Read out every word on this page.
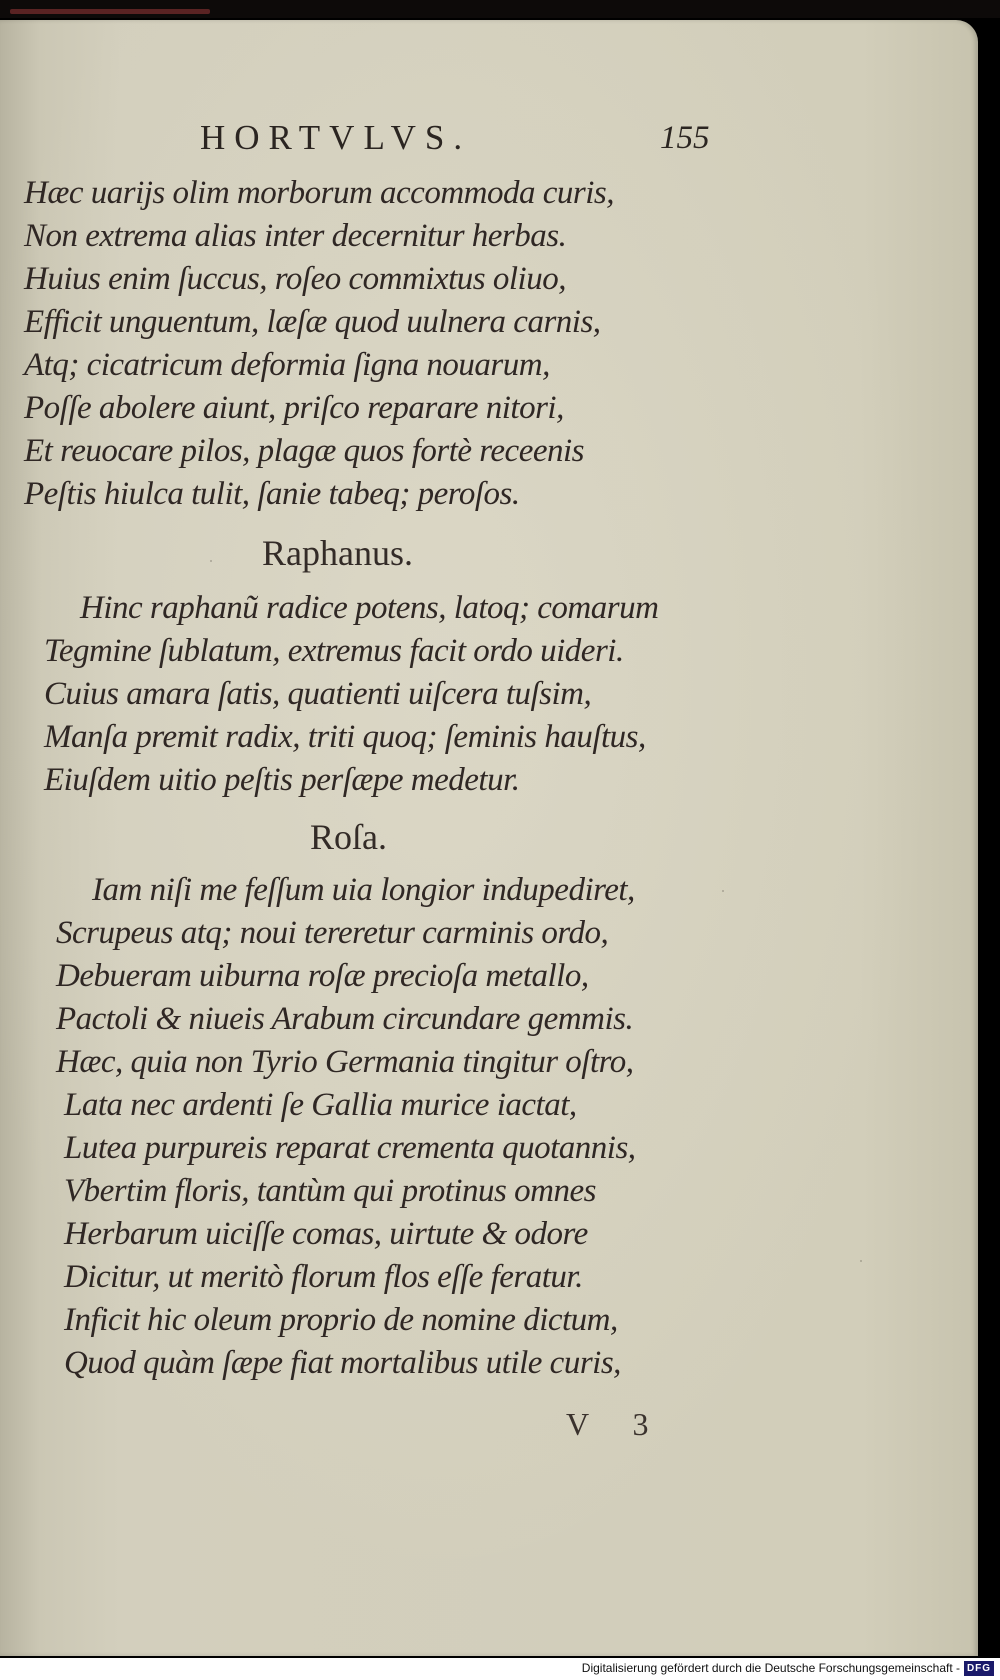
HORTVLVS.	155
Hæc uarijs olim morborum accommoda curis,
Non extrema alias inter decernitur herbas.
Huius enim ſuccus, roſeo commixtus oliuo,
Efficit unguentum, læſæ quod uulnera carnis,
Atq; cicatricum deformia ſigna nouarum,
Poſſe abolere aiunt, priſco reparare nitori,
Et reuocare pilos, plagæ quos fortè receenis
Peſtis hiulca tulit, ſanie tabeq; peroſos.
Raphanus.
Hinc raphanũ radice potens, latoq; comarum
Tegmine ſublatum, extremus facit ordo uideri.
Cuius amara ſatis, quatienti uiſcera tuſsim,
Manſa premit radix, triti quoq; ſeminis hauſtus,
Eiuſdem uitio peſtis perſæpe medetur.
Roſa.
Iam niſi me feſſum uia longior indupediret,
Scrupeus atq; noui tereretur carminis ordo,
Debueram uiburna roſæ precioſa metallo,
Pactoli & niueis Arabum circundare gemmis.
Hæc, quia non Tyrio Germania tingitur oſtro,
Lata nec ardenti ſe Gallia murice iactat,
Lutea purpureis reparat crementa quotannis,
Vbertim floris, tantùm qui protinus omnes
Herbarum uiciſſe comas, uirtute & odore
Dicitur, ut meritò florum flos eſſe feratur.
Inficit hic oleum proprio de nomine dictum,
Quod quàm ſæpe fiat mortalibus utile curis,
V 3
Digitalisierung gefördert durch die Deutsche Forschungsgemeinschaft - DFG
